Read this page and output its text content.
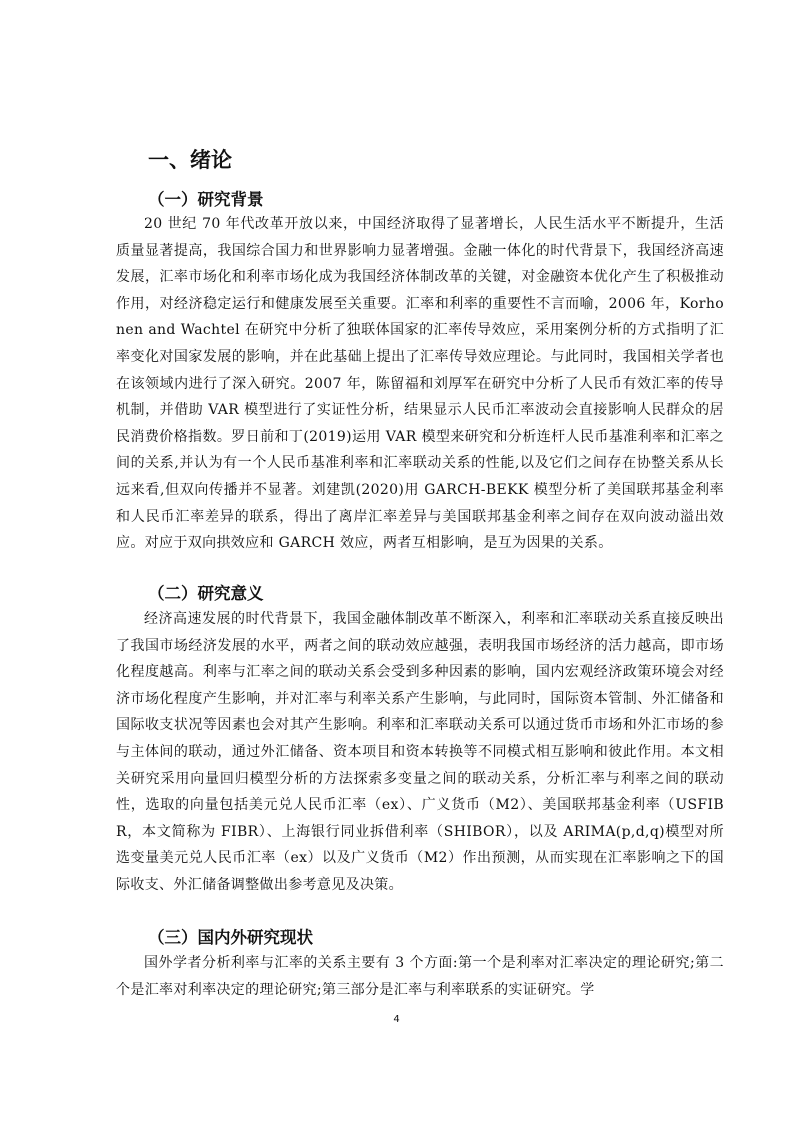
一、绪论
（一）研究背景

20 世纪 70 年代改革开放以来，中国经济取得了显著增长，人民生活水平不断提升，生活质量显著提高，我国综合国力和世界影响力显著增强。金融一体化的时代背景下，我国经济高速发展，汇率市场化和利率市场化成为我国经济体制改革的关键，对金融资本优化产生了积极推动作用，对经济稳定运行和健康发展至关重要。汇率和利率的重要性不言而喻，2006 年，Korhonen and Wachtel 在研究中分析了独联体国家的汇率传导效应，采用案例分析的方式指明了汇率变化对国家发展的影响，并在此基础上提出了汇率传导效应理论。与此同时，我国相关学者也在该领域内进行了深入研究。2007 年，陈留福和刘厚军在研究中分析了人民币有效汇率的传导机制，并借助 VAR 模型进行了实证性分析，结果显示人民币汇率波动会直接影响人民群众的居民消费价格指数。罗日前和丁(2019)运用 VAR 模型来研究和分析连杆人民币基准利率和汇率之间的关系,并认为有一个人民币基准利率和汇率联动关系的性能,以及它们之间存在协整关系从长远来看,但双向传播并不显著。刘建凯(2020)用 GARCH-BEKK 模型分析了美国联邦基金利率和人民币汇率差异的联系，得出了离岸汇率差异与美国联邦基金利率之间存在双向波动溢出效应。对应于双向拱效应和 GARCH 效应，两者互相影响，是互为因果的关系。

（二）研究意义

经济高速发展的时代背景下，我国金融体制改革不断深入，利率和汇率联动关系直接反映出了我国市场经济发展的水平，两者之间的联动效应越强，表明我国市场经济的活力越高，即市场化程度越高。利率与汇率之间的联动关系会受到多种因素的影响，国内宏观经济政策环境会对经济市场化程度产生影响，并对汇率与利率关系产生影响，与此同时，国际资本管制、外汇储备和国际收支状况等因素也会对其产生影响。利率和汇率联动关系可以通过货币市场和外汇市场的参与主体间的联动，通过外汇储备、资本项目和资本转换等不同模式相互影响和彼此作用。本文相关研究采用向量回归模型分析的方法探索多变量之间的联动关系，分析汇率与利率之间的联动性，选取的向量包括美元兑人民币汇率（ex）、广义货币（M2）、美国联邦基金利率（USFIBR，本文简称为 FIBR）、上海银行同业拆借利率（SHIBOR），以及 ARIMA(p,d,q)模型对所选变量美元兑人民币汇率（ex）以及广义货币（M2）作出预测，从而实现在汇率影响之下的国际收支、外汇储备调整做出参考意见及决策。

（三）国内外研究现状

国外学者分析利率与汇率的关系主要有 3 个方面:第一个是利率对汇率决定的理论研究;第二个是汇率对利率决定的理论研究;第三部分是汇率与利率联系的实证研究。学

4
